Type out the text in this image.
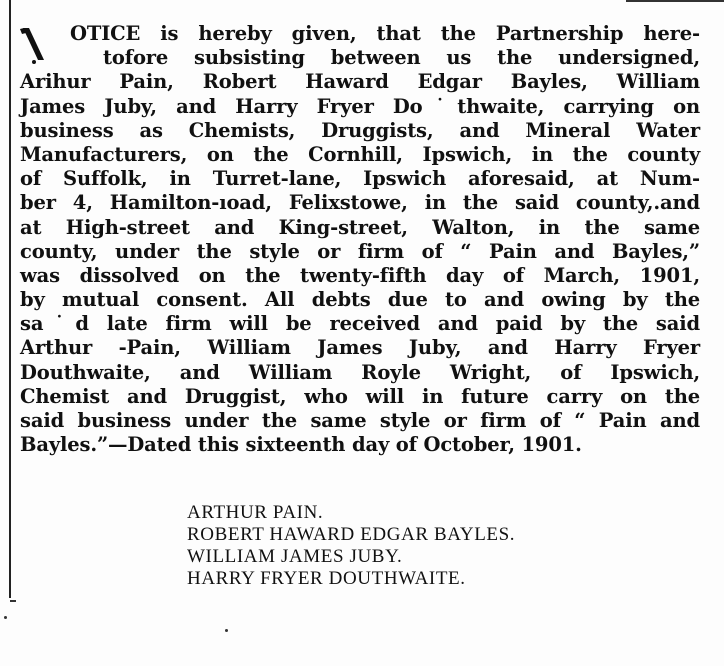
OTICE is hereby given, that the Partnership here-
tofore subsisting between us the undersigned,
Arihur Pain, Robert Haward Edgar Bayles, William
James Juby, and Harry Fryer Do˙thwaite, carrying on
business as Chemists, Druggists, and Mineral Water
Manufacturers, on the Cornhill, Ipswich, in the county
of Suffolk, in Turret-lane, Ipswich aforesaid, at Num-
ber 4, Hamilton-ıoad, Felixstowe, in the said county,.and
at High-street and King-street, Walton, in the same
county, under the style or firm of “ Pain and Bayles,”
was dissolved on the twenty-fifth day of March, 1901,
by mutual consent. All debts due to and owing by the
sa˙d late firm will be received and paid by the said
Arthur -Pain, William James Juby, and Harry Fryer
Douthwaite, and William Royle Wright, of Ipswich,
Chemist and Druggist, who will in future carry on the
said business under the same style or firm of “ Pain and
Bayles.”—Dated this sixteenth day of October, 1901.
ARTHUR PAIN.
ROBERT HAWARD EDGAR BAYLES.
WILLIAM JAMES JUBY.
HARRY FRYER DOUTHWAITE.
